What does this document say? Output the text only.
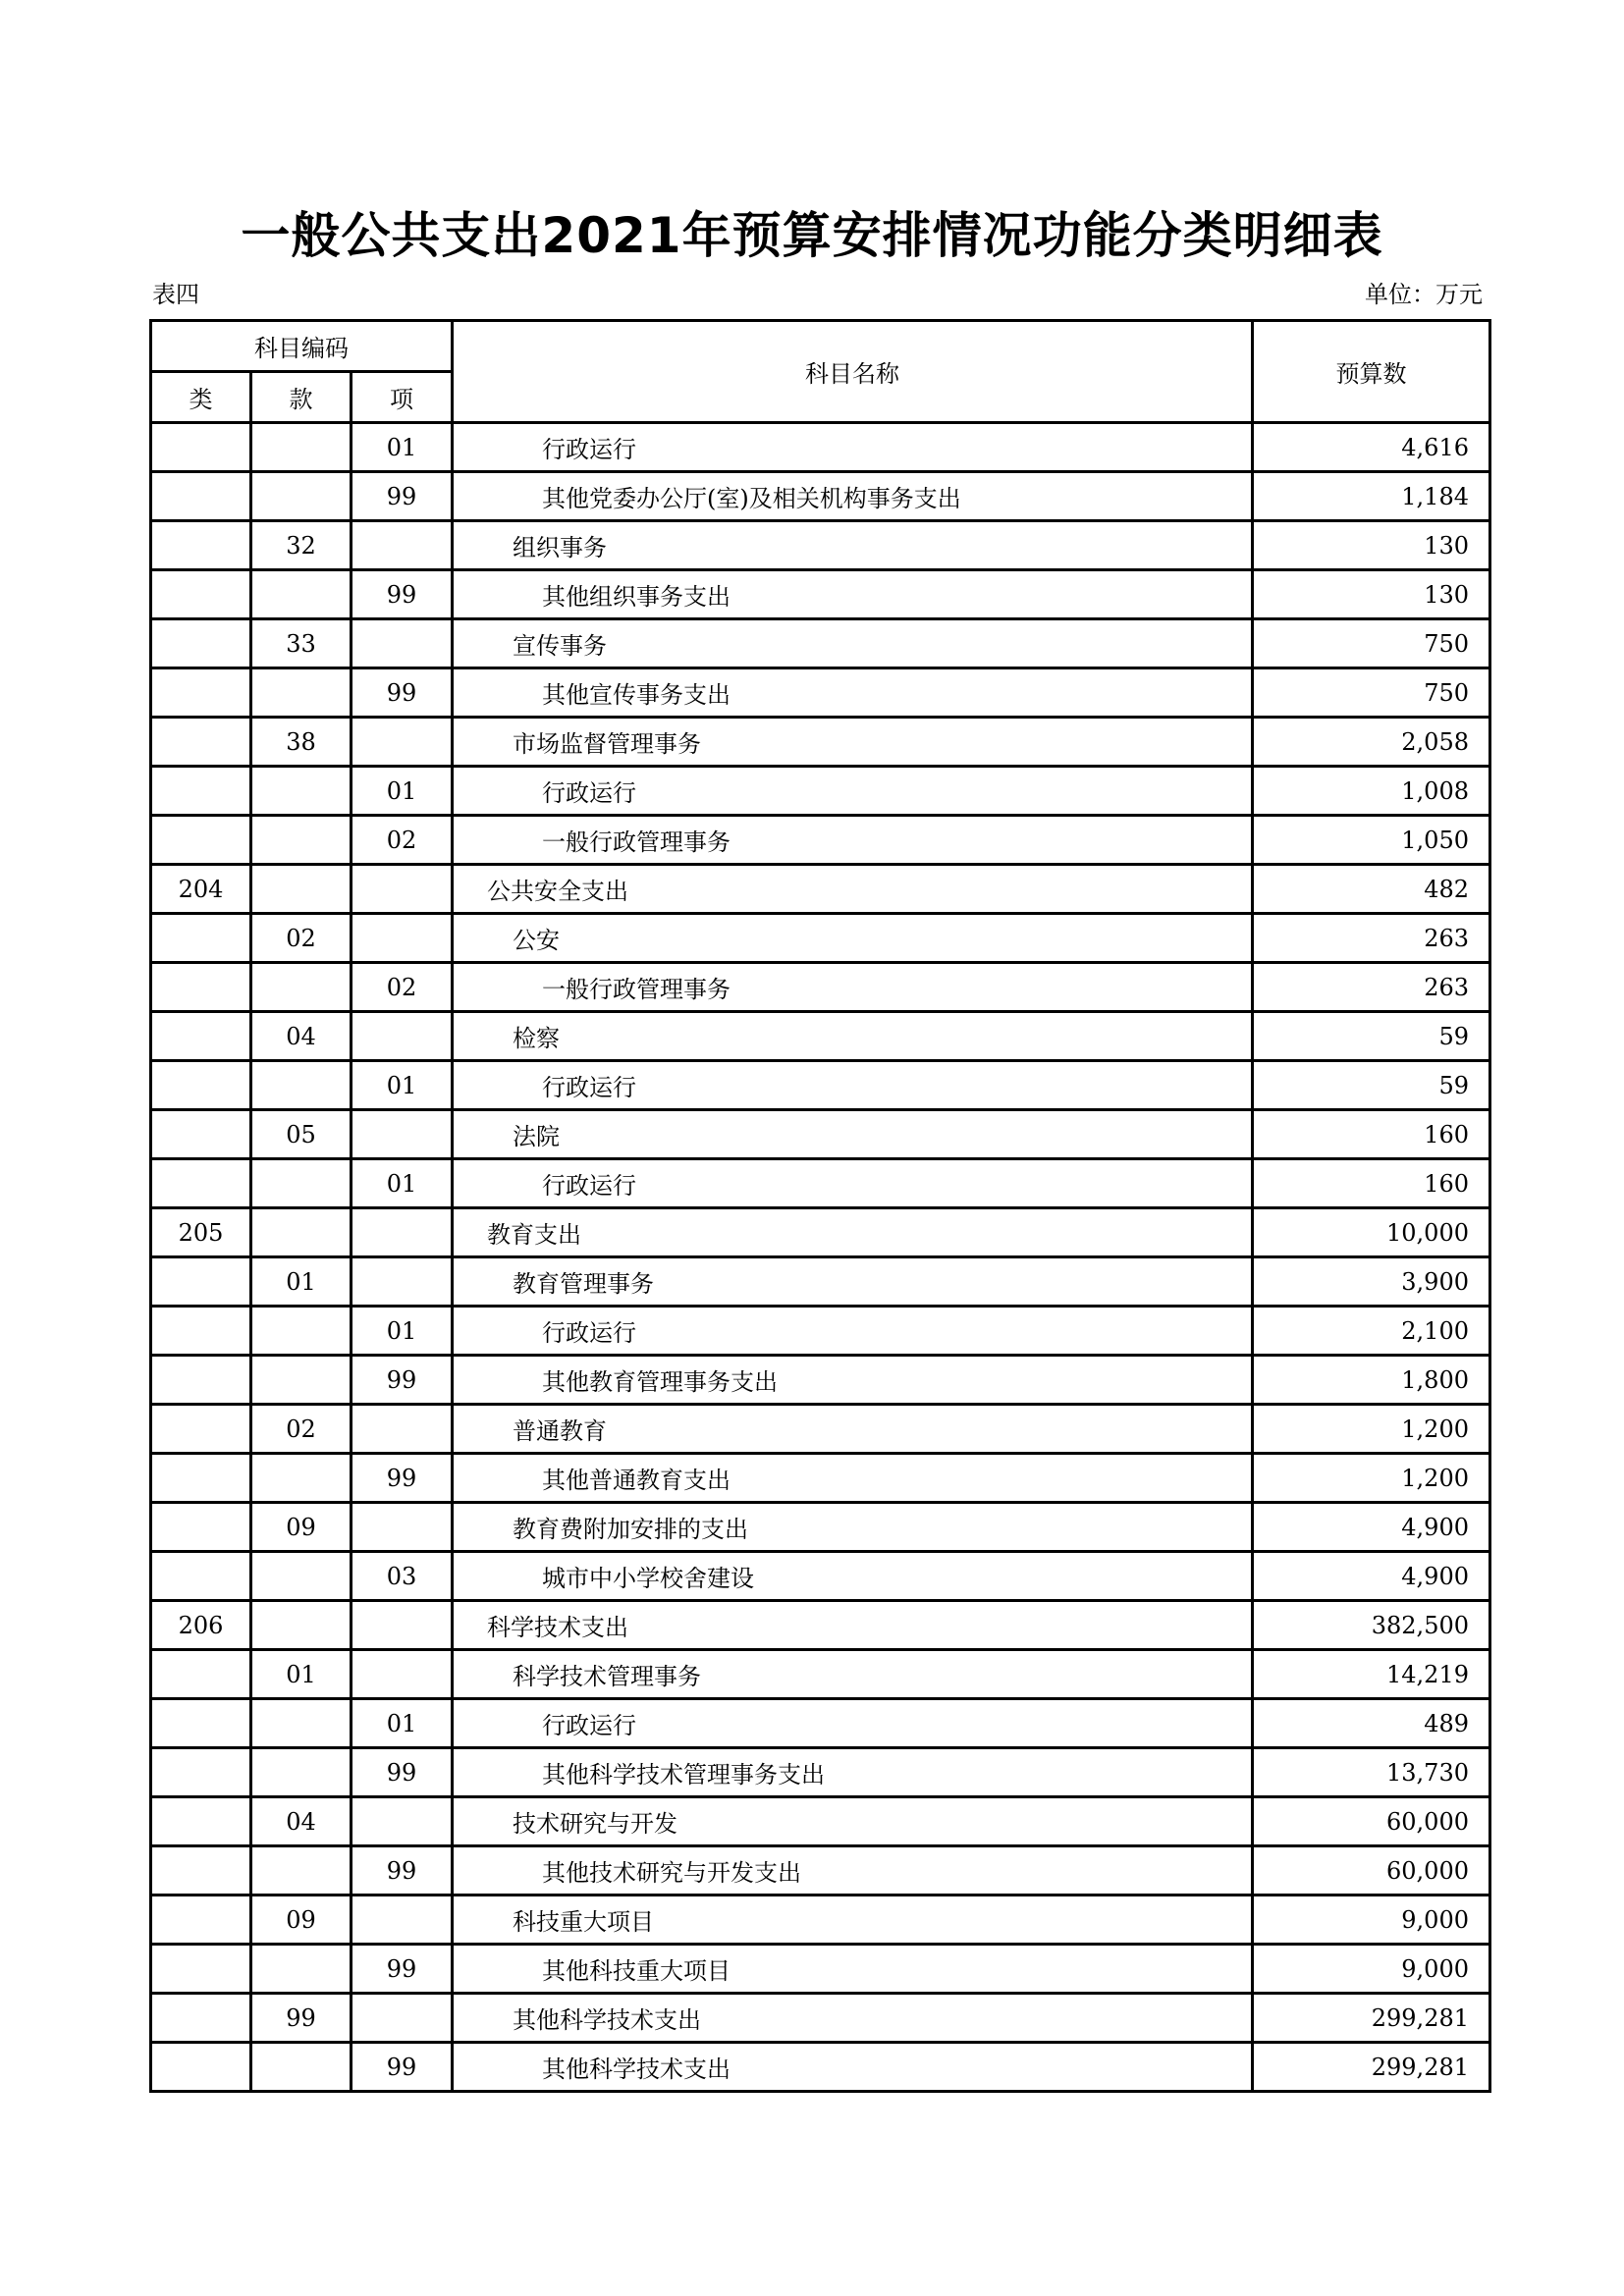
一般公共支出2021年预算安排情况功能分类明细表
表四	单位：万元
科目编码			科目名称	预算数
类	款	项		
		01	行政运行	4,616
		99	其他党委办公厅(室)及相关机构事务支出	1,184
	32		组织事务	130
		99	其他组织事务支出	130
	33		宣传事务	750
		99	其他宣传事务支出	750
	38		市场监督管理事务	2,058
		01	行政运行	1,008
		02	一般行政管理事务	1,050
204			公共安全支出	482
	02		公安	263
		02	一般行政管理事务	263
	04		检察	59
		01	行政运行	59
	05		法院	160
		01	行政运行	160
205			教育支出	10,000
	01		教育管理事务	3,900
		01	行政运行	2,100
		99	其他教育管理事务支出	1,800
	02		普通教育	1,200
		99	其他普通教育支出	1,200
	09		教育费附加安排的支出	4,900
		03	城市中小学校舍建设	4,900
206			科学技术支出	382,500
	01		科学技术管理事务	14,219
		01	行政运行	489
		99	其他科学技术管理事务支出	13,730
	04		技术研究与开发	60,000
		99	其他技术研究与开发支出	60,000
	09		科技重大项目	9,000
		99	其他科技重大项目	9,000
	99		其他科学技术支出	299,281
		99	其他科学技术支出	299,281
